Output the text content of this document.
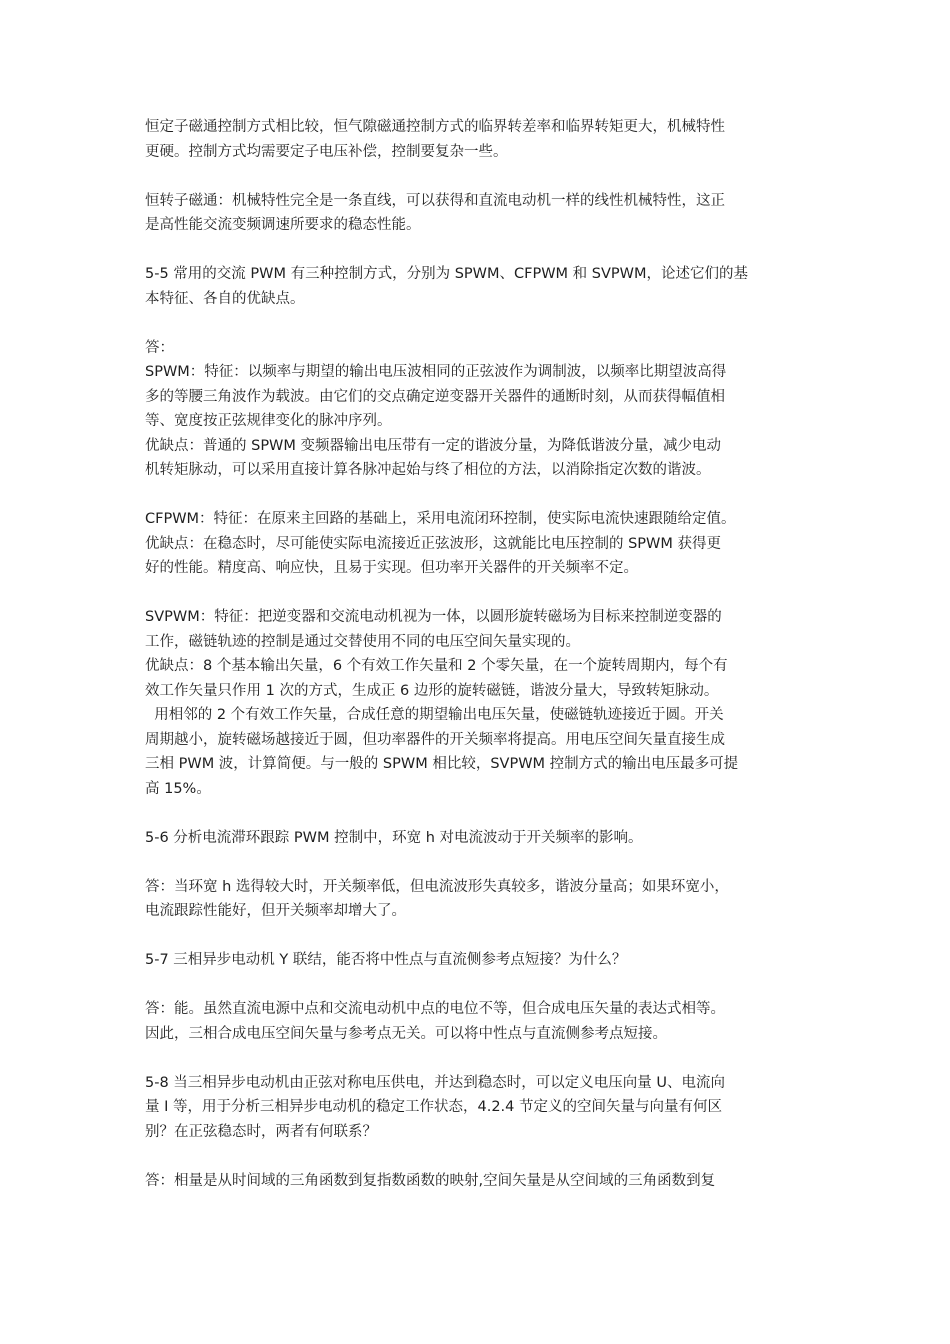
恒定子磁通控制方式相比较，恒气隙磁通控制方式的临界转差率和临界转矩更大，机械特性
更硬。控制方式均需要定子电压补偿，控制要复杂一些。
恒转子磁通：机械特性完全是一条直线，可以获得和直流电动机一样的线性机械特性，这正
是高性能交流变频调速所要求的稳态性能。
5-5 常用的交流 PWM 有三种控制方式，分别为 SPWM、CFPWM 和 SVPWM，论述它们的基
本特征、各自的优缺点。
答：
SPWM：特征：以频率与期望的输出电压波相同的正弦波作为调制波，以频率比期望波高得
多的等腰三角波作为载波。由它们的交点确定逆变器开关器件的通断时刻，从而获得幅值相
等、宽度按正弦规律变化的脉冲序列。
优缺点：普通的 SPWM 变频器输出电压带有一定的谐波分量，为降低谐波分量，减少电动
机转矩脉动，可以采用直接计算各脉冲起始与终了相位的方法，以消除指定次数的谐波。
CFPWM：特征：在原来主回路的基础上，采用电流闭环控制，使实际电流快速跟随给定值。
优缺点：在稳态时，尽可能使实际电流接近正弦波形，这就能比电压控制的 SPWM 获得更
好的性能。精度高、响应快，且易于实现。但功率开关器件的开关频率不定。
SVPWM：特征：把逆变器和交流电动机视为一体，以圆形旋转磁场为目标来控制逆变器的
工作，磁链轨迹的控制是通过交替使用不同的电压空间矢量实现的。
优缺点：8 个基本输出矢量，6 个有效工作矢量和 2 个零矢量，在一个旋转周期内，每个有
效工作矢量只作用 1 次的方式，生成正 6 边形的旋转磁链，谐波分量大，导致转矩脉动。
用相邻的 2 个有效工作矢量，合成任意的期望输出电压矢量，使磁链轨迹接近于圆。开关
周期越小，旋转磁场越接近于圆，但功率器件的开关频率将提高。用电压空间矢量直接生成
三相 PWM 波，计算简便。与一般的 SPWM 相比较，SVPWM 控制方式的输出电压最多可提
高 15%。
5-6 分析电流滞环跟踪 PWM 控制中，环宽 h 对电流波动于开关频率的影响。
答：当环宽 h 选得较大时，开关频率低，但电流波形失真较多，谐波分量高；如果环宽小，
电流跟踪性能好，但开关频率却增大了。
5-7 三相异步电动机 Y 联结，能否将中性点与直流侧参考点短接？为什么？
答：能。虽然直流电源中点和交流电动机中点的电位不等，但合成电压矢量的表达式相等。
因此，三相合成电压空间矢量与参考点无关。可以将中性点与直流侧参考点短接。
5-8 当三相异步电动机由正弦对称电压供电，并达到稳态时，可以定义电压向量 U、电流向
量 I 等，用于分析三相异步电动机的稳定工作状态，4.2.4 节定义的空间矢量与向量有何区
别？在正弦稳态时，两者有何联系？
答：相量是从时间域的三角函数到复指数函数的映射,空间矢量是从空间域的三角函数到复
